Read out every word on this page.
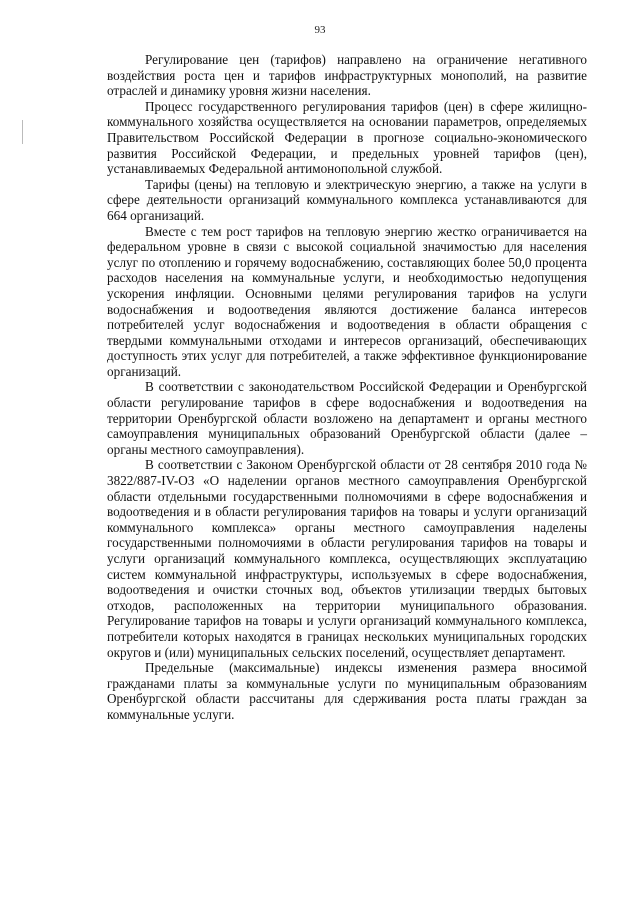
93

Регулирование цен (тарифов) направлено на ограничение негативного воздействия роста цен и тарифов инфраструктурных монополий, на развитие отраслей и динамику уровня жизни населения.

Процесс государственного регулирования тарифов (цен) в сфере жилищно-коммунального хозяйства осуществляется на основании параметров, определяемых Правительством Российской Федерации в прогнозе социально-экономического развития Российской Федерации, и предельных уровней тарифов (цен), устанавливаемых Федеральной антимонопольной службой.

Тарифы (цены) на тепловую и электрическую энергию, а также на услуги в сфере деятельности организаций коммунального комплекса устанавливаются для 664 организаций.

Вместе с тем рост тарифов на тепловую энергию жестко ограничивается на федеральном уровне в связи с высокой социальной значимостью для населения услуг по отоплению и горячему водоснабжению, составляющих более 50,0 процента расходов населения на коммунальные услуги, и необходимостью недопущения ускорения инфляции. Основными целями регулирования тарифов на услуги водоснабжения и водоотведения являются достижение баланса интересов потребителей услуг водоснабжения и водоотведения в области обращения с твердыми коммунальными отходами и интересов организаций, обеспечивающих доступность этих услуг для потребителей, а также эффективное функционирование организаций.

В соответствии с законодательством Российской Федерации и Оренбургской области регулирование тарифов в сфере водоснабжения и водоотведения на территории Оренбургской области возложено на департамент и органы местного самоуправления муниципальных образований Оренбургской области (далее – органы местного самоуправления).

В соответствии с Законом Оренбургской области от 28 сентября 2010 года № 3822/887-IV-ОЗ «О наделении органов местного самоуправления Оренбургской области отдельными государственными полномочиями в сфере водоснабжения и водоотведения и в области регулирования тарифов на товары и услуги организаций коммунального комплекса» органы местного самоуправления наделены государственными полномочиями в области регулирования тарифов на товары и услуги организаций коммунального комплекса, осуществляющих эксплуатацию систем коммунальной инфраструктуры, используемых в сфере водоснабжения, водоотведения и очистки сточных вод, объектов утилизации твердых бытовых отходов, расположенных на территории муниципального образования. Регулирование тарифов на товары и услуги организаций коммунального комплекса, потребители которых находятся в границах нескольких муниципальных городских округов и (или) муниципальных сельских поселений, осуществляет департамент.

Предельные (максимальные) индексы изменения размера вносимой гражданами платы за коммунальные услуги по муниципальным образованиям Оренбургской области рассчитаны для сдерживания роста платы граждан за коммунальные услуги.
